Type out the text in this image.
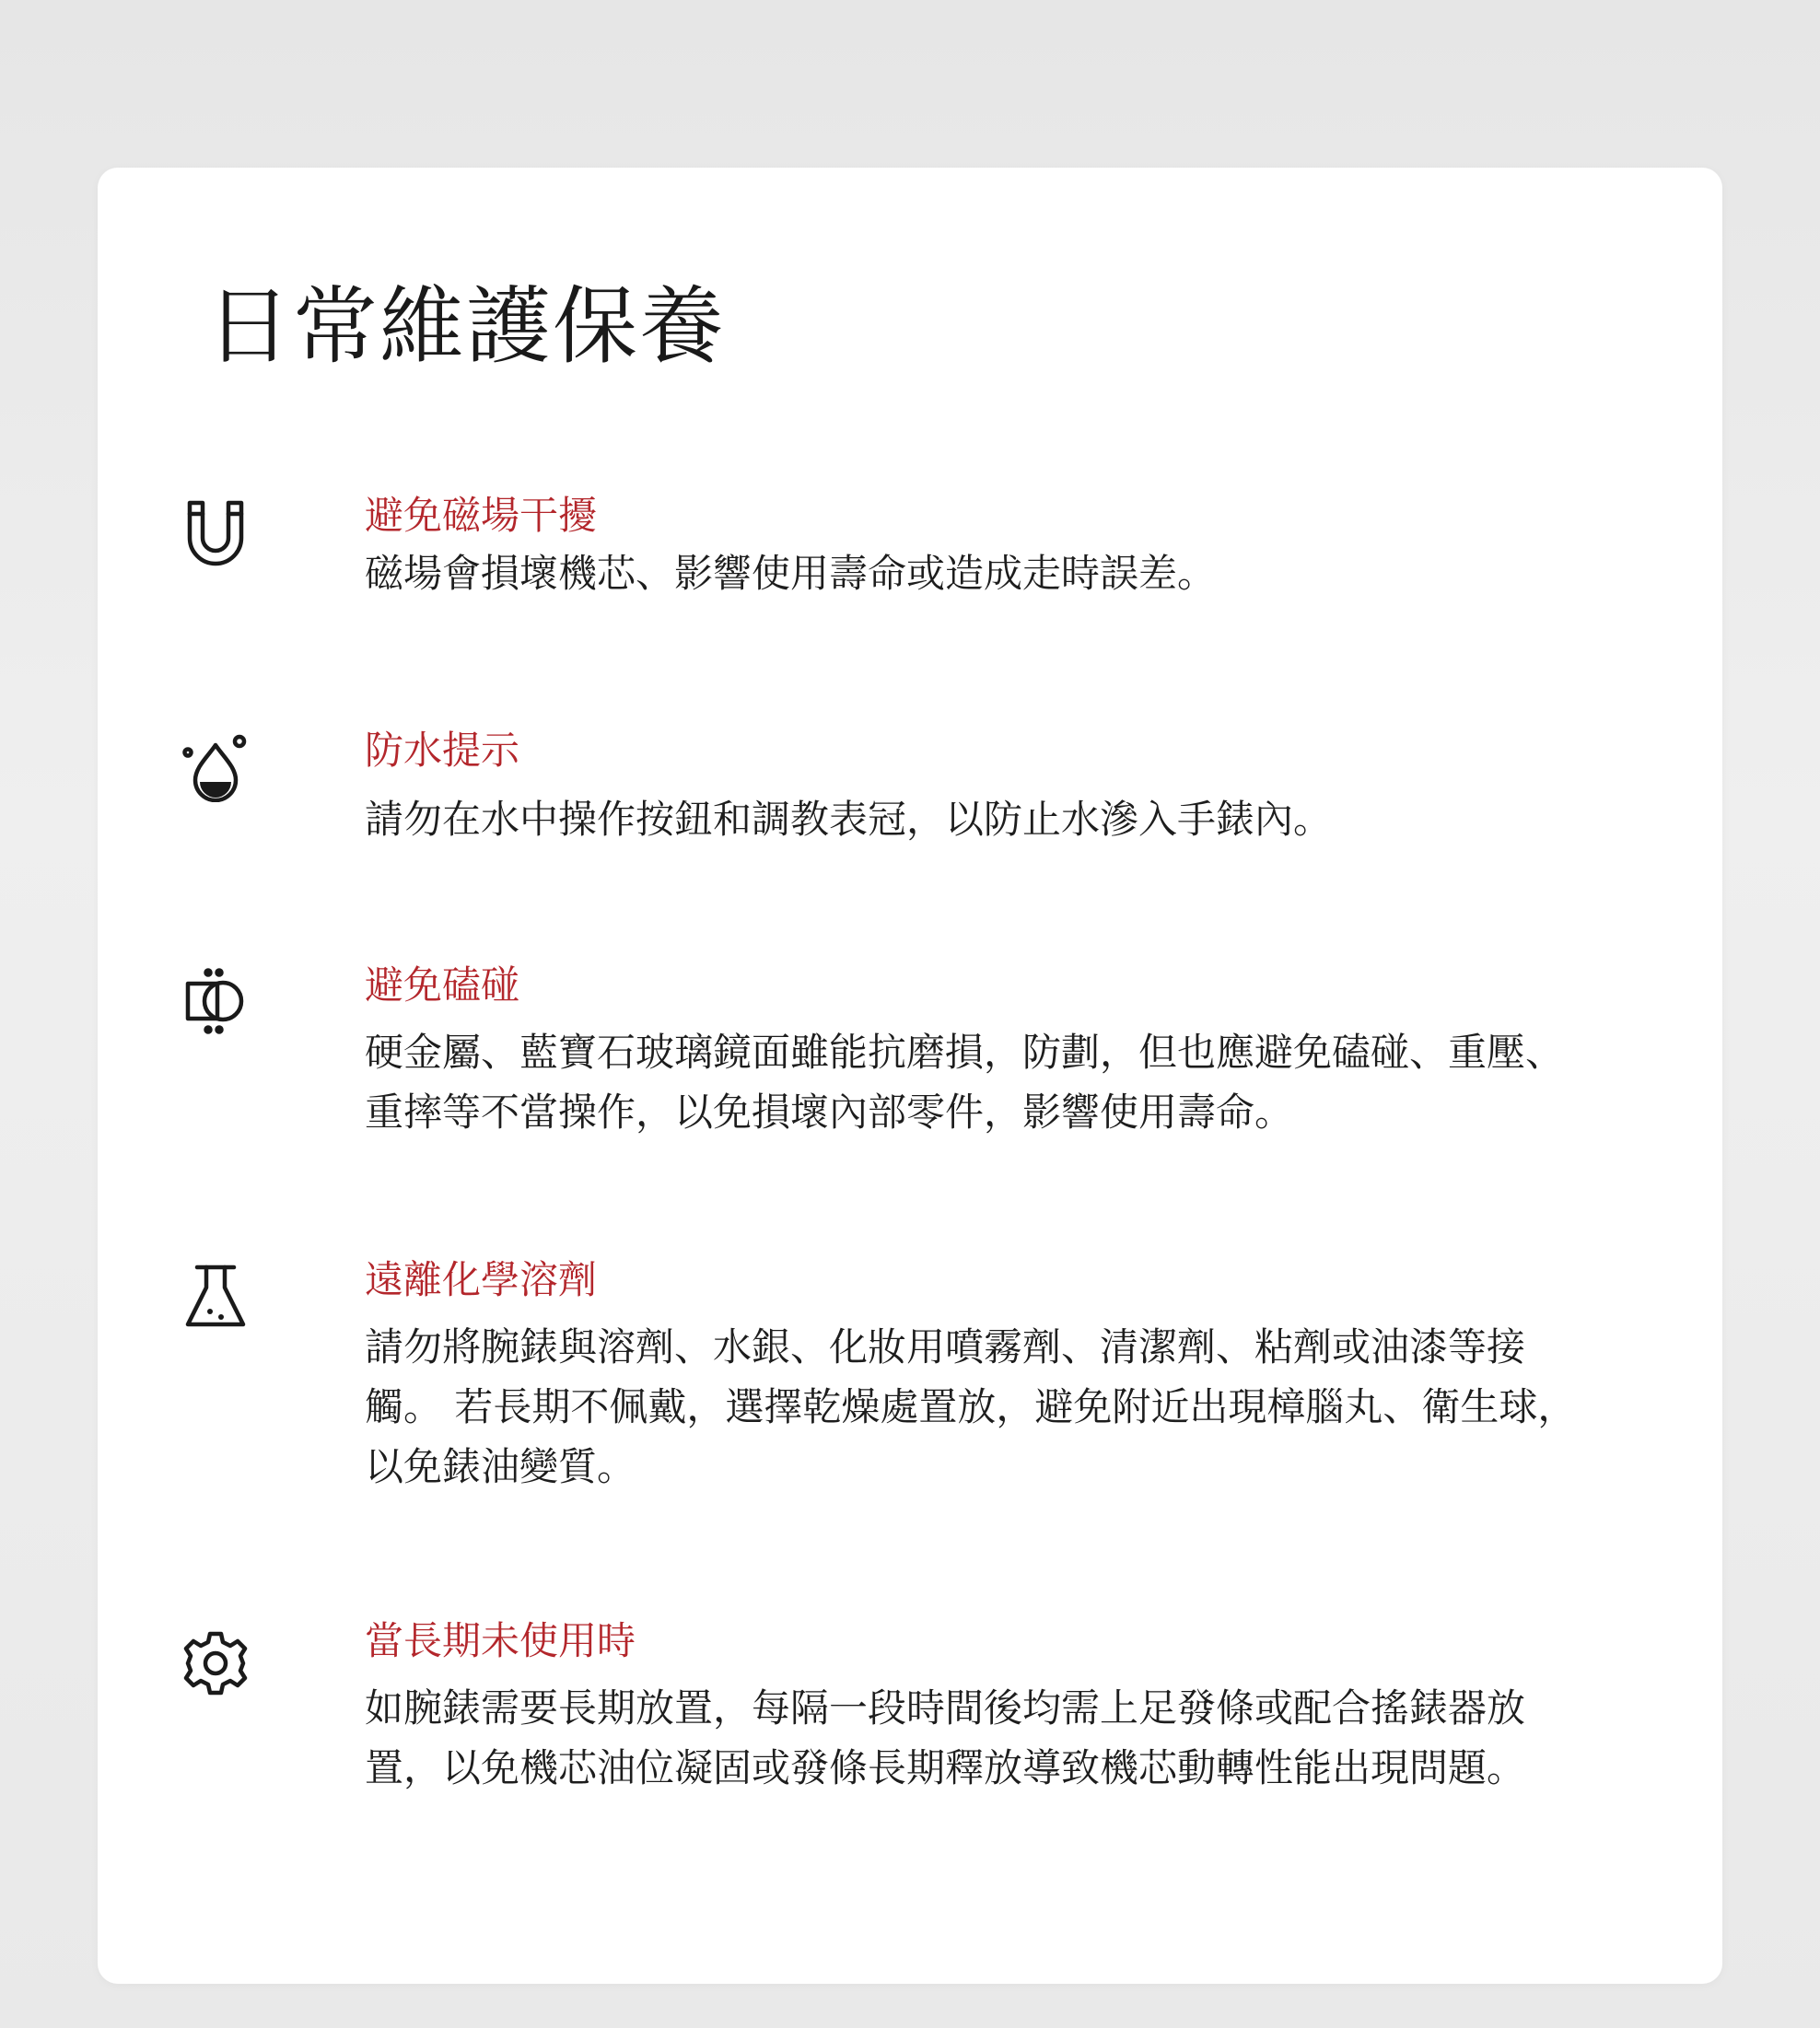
日常維護保養
避免磁場干擾

磁場會損壞機芯、影響使用壽命或造成走時誤差。

防水提示

請勿在水中操作按鈕和調教表冠，以防止水滲入手錶內。

避免磕碰

硬金屬、藍寶石玻璃鏡面雖能抗磨損，防劃，但也應避免磕碰、重壓、重摔等不當操作，以免損壞內部零件，影響使用壽命。

遠離化學溶劑

請勿將腕錶與溶劑、水銀、化妝用噴霧劑、清潔劑、粘劑或油漆等接觸。 若長期不佩戴，選擇乾燥處置放，避免附近出現樟腦丸、衛生球，以免錶油變質。

當長期未使用時

如腕錶需要長期放置，每隔一段時間後均需上足發條或配合搖錶器放置，以免機芯油位凝固或發條長期釋放導致機芯動轉性能出現問題。
